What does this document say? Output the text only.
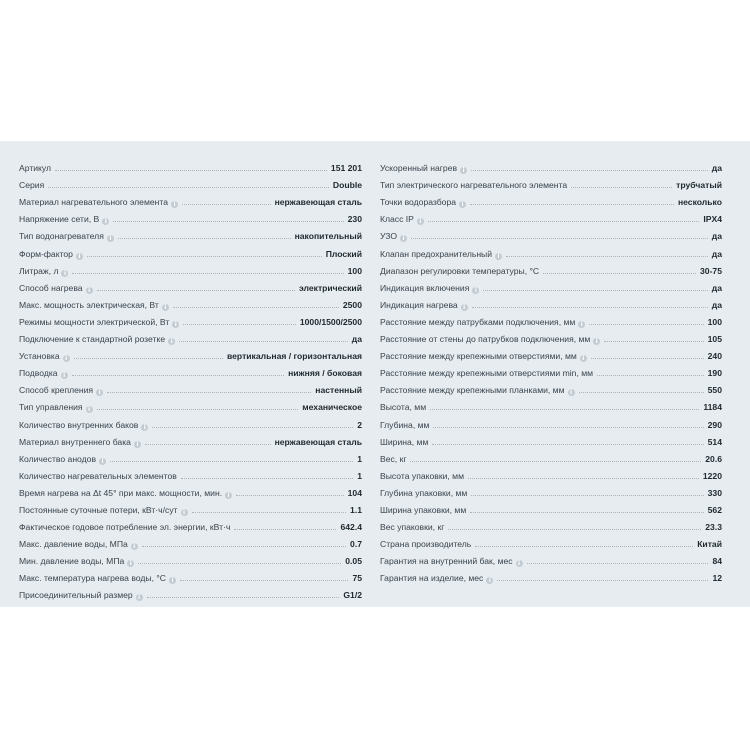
Артикул	151 201
Серия	Double
Материал нагревательного элемента i	нержавеющая сталь
Напряжение сети, В i	230
Тип водонагревателя i	накопительный
Форм-фактор i	Плоский
Литраж, л i	100
Способ нагрева i	электрический
Макс. мощность электрическая, Вт i	2500
Режимы мощности электрической, Вт i	1000/1500/2500
Подключение к стандартной розетке i	да
Установка i	вертикальная / горизонтальная
Подводка i	нижняя / боковая
Способ крепления i	настенный
Тип управления i	механическое
Количество внутренних баков i	2
Материал внутреннего бака i	нержавеющая сталь
Количество анодов i	1
Количество нагревательных элементов	1
Время нагрева на Δt 45° при макс. мощности, мин. i	104
Постоянные суточные потери, кВт·ч/сут i	1.1
Фактическое годовое потребление эл. энергии, кВт·ч	642.4
Макс. давление воды, МПа i	0.7
Мин. давление воды, МПа i	0.05
Макс. температура нагрева воды, °С i	75
Присоединительный размер i	G1/2
Ускоренный нагрев i	да
Тип электрического нагревательного элемента	трубчатый
Точки водоразбора i	несколько
Класс IP i	IPX4
УЗО i	да
Клапан предохранительный i	да
Диапазон регулировки температуры, °С	30-75
Индикация включения i	да
Индикация нагрева i	да
Расстояние между патрубками подключения, мм i	100
Расстояние от стены до патрубков подключения, мм i	105
Расстояние между крепежными отверстиями, мм i	240
Расстояние между крепежными отверстиями min, мм	190
Расстояние между крепежными планками, мм i	550
Высота, мм	1184
Глубина, мм	290
Ширина, мм	514
Вес, кг	20.6
Высота упаковки, мм	1220
Глубина упаковки, мм	330
Ширина упаковки, мм	562
Вес упаковки, кг	23.3
Страна производитель	Китай
Гарантия на внутренний бак, мес i	84
Гарантия на изделие, мес i	12
